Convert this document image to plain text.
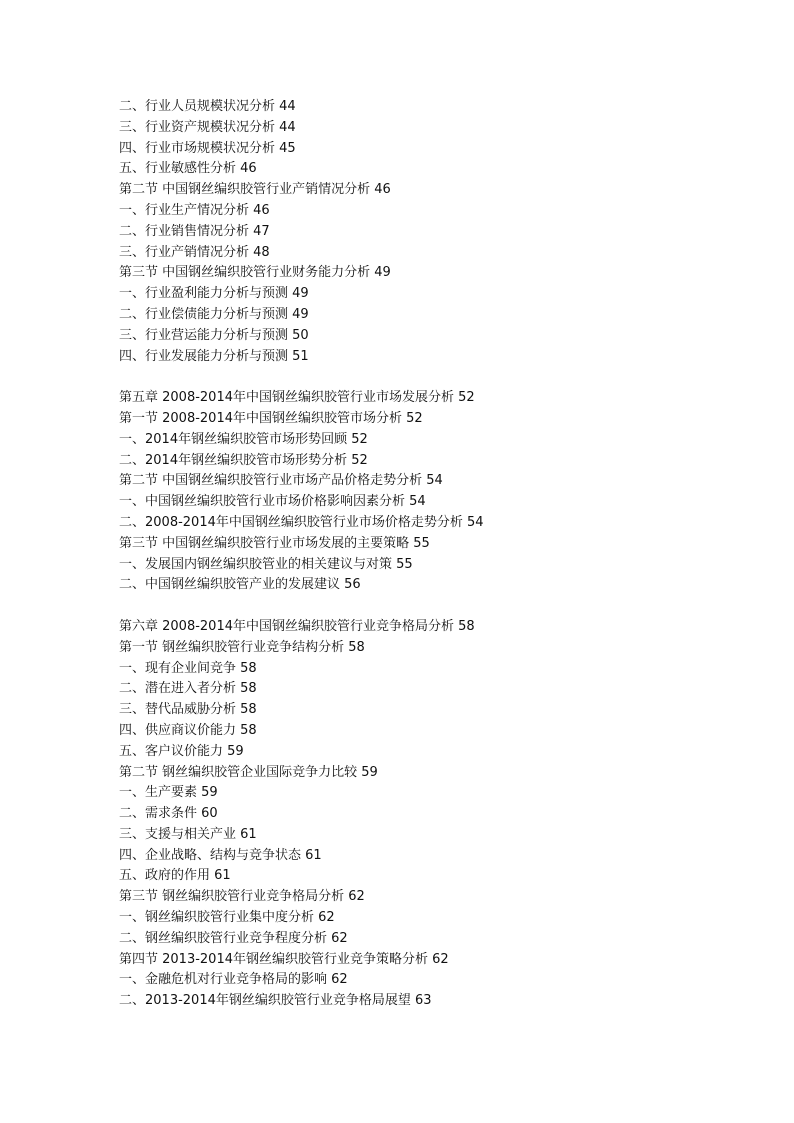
二、行业人员规模状况分析 44
三、行业资产规模状况分析 44
四、行业市场规模状况分析 45
五、行业敏感性分析 46
第二节 中国钢丝编织胶管行业产销情况分析 46
一、行业生产情况分析 46
二、行业销售情况分析 47
三、行业产销情况分析 48
第三节 中国钢丝编织胶管行业财务能力分析 49
一、行业盈利能力分析与预测 49
二、行业偿债能力分析与预测 49
三、行业营运能力分析与预测 50
四、行业发展能力分析与预测 51
第五章 2008-2014年中国钢丝编织胶管行业市场发展分析 52
第一节 2008-2014年中国钢丝编织胶管市场分析 52
一、2014年钢丝编织胶管市场形势回顾 52
二、2014年钢丝编织胶管市场形势分析 52
第二节 中国钢丝编织胶管行业市场产品价格走势分析 54
一、中国钢丝编织胶管行业市场价格影响因素分析 54
二、2008-2014年中国钢丝编织胶管行业市场价格走势分析 54
第三节 中国钢丝编织胶管行业市场发展的主要策略 55
一、发展国内钢丝编织胶管业的相关建议与对策 55
二、中国钢丝编织胶管产业的发展建议 56
第六章 2008-2014年中国钢丝编织胶管行业竞争格局分析 58
第一节 钢丝编织胶管行业竞争结构分析 58
一、现有企业间竞争 58
二、潜在进入者分析 58
三、替代品威胁分析 58
四、供应商议价能力 58
五、客户议价能力 59
第二节 钢丝编织胶管企业国际竞争力比较 59
一、生产要素 59
二、需求条件 60
三、支援与相关产业 61
四、企业战略、结构与竞争状态 61
五、政府的作用 61
第三节 钢丝编织胶管行业竞争格局分析 62
一、钢丝编织胶管行业集中度分析 62
二、钢丝编织胶管行业竞争程度分析 62
第四节 2013-2014年钢丝编织胶管行业竞争策略分析 62
一、金融危机对行业竞争格局的影响 62
二、2013-2014年钢丝编织胶管行业竞争格局展望 63
